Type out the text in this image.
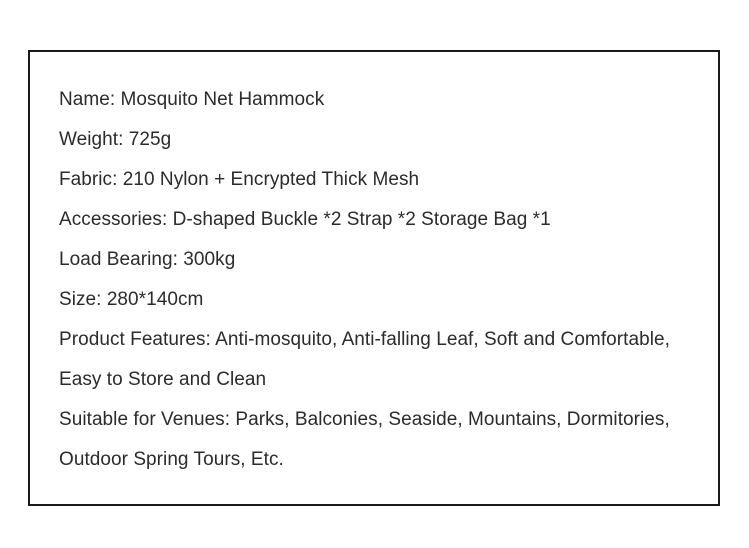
Name: Mosquito Net Hammock
Weight: 725g
Fabric: 210 Nylon + Encrypted Thick Mesh
Accessories: D-shaped Buckle *2 Strap *2 Storage Bag *1
Load Bearing: 300kg
Size: 280*140cm
Product Features: Anti-mosquito, Anti-falling Leaf, Soft and Comfortable,
Easy to Store and Clean
Suitable for Venues: Parks, Balconies, Seaside, Mountains, Dormitories,
Outdoor Spring Tours, Etc.
